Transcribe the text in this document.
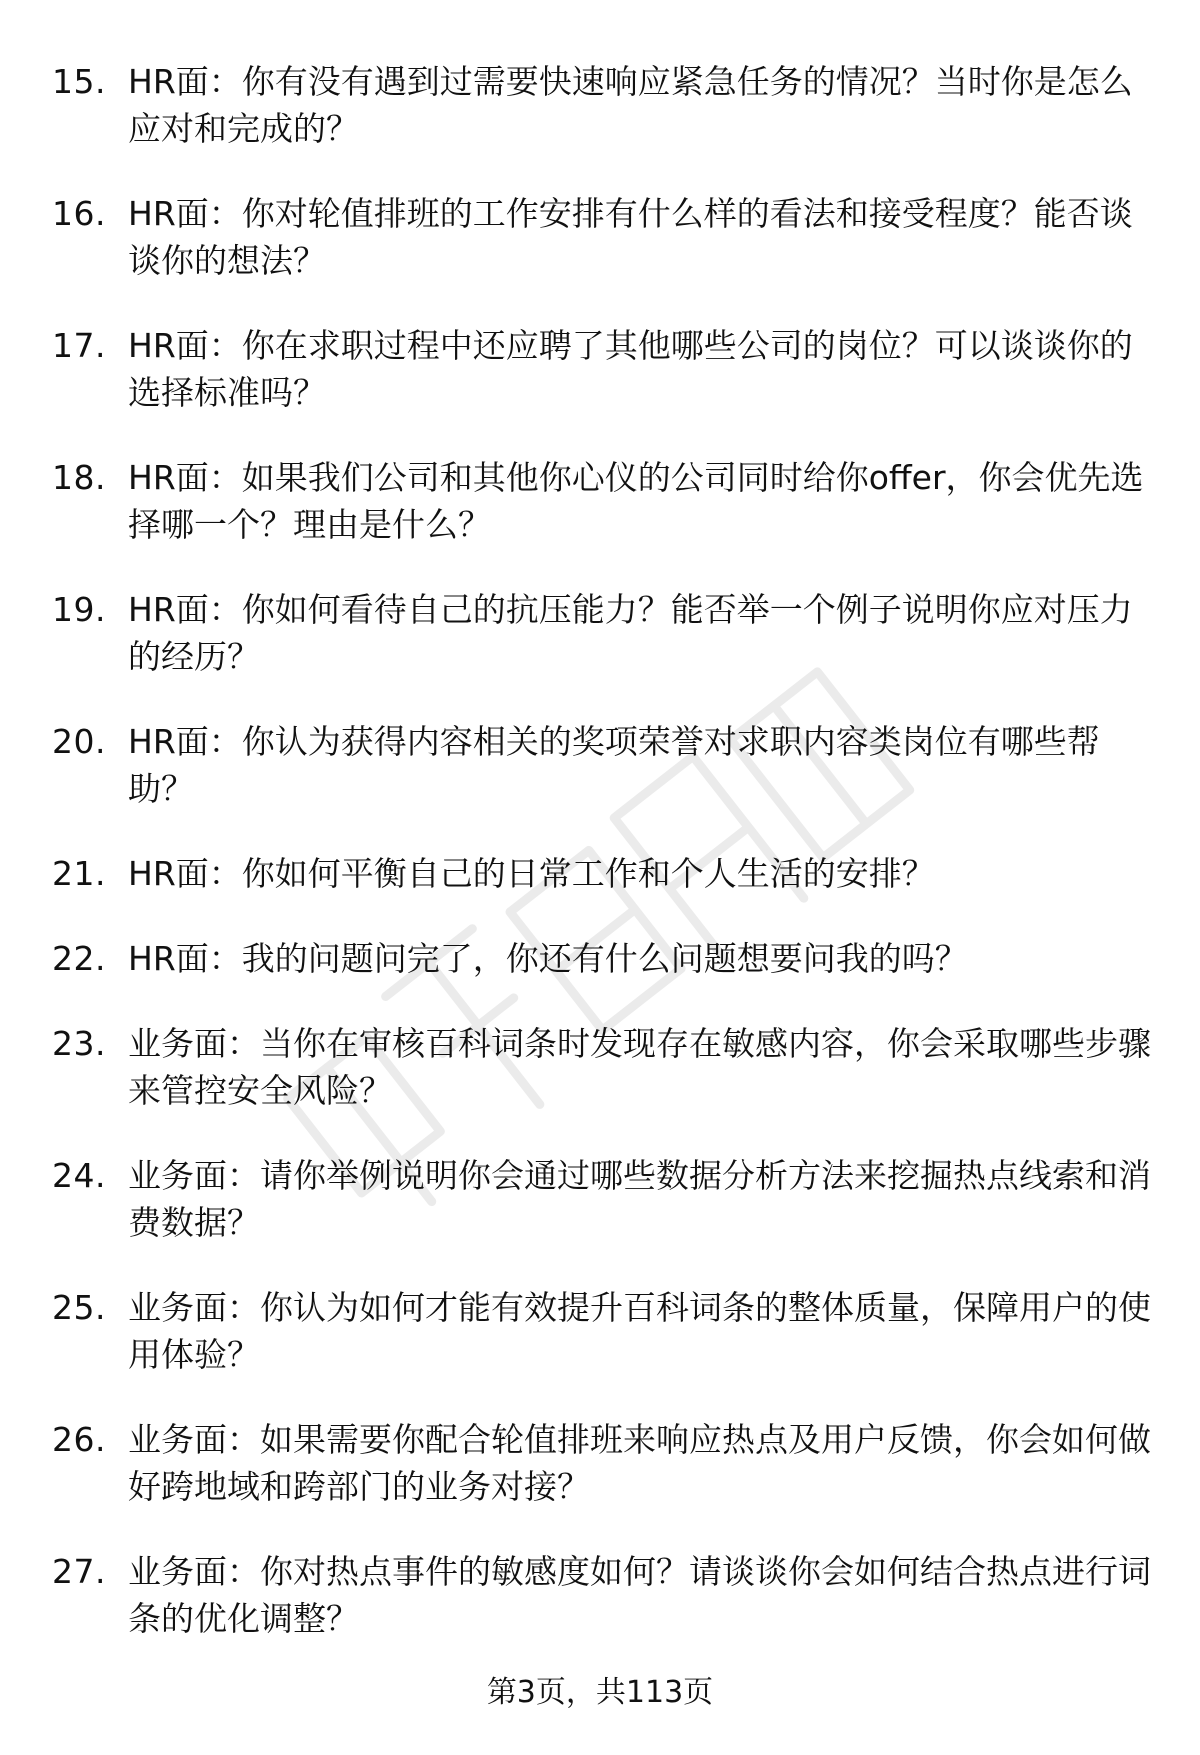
15. HR面：你有没有遇到过需要快速响应紧急任务的情况？当时你是怎么应对和完成的？
16. HR面：你对轮值排班的工作安排有什么样的看法和接受程度？能否谈谈你的想法？
17. HR面：你在求职过程中还应聘了其他哪些公司的岗位？可以谈谈你的选择标准吗？
18. HR面：如果我们公司和其他你心仪的公司同时给你offer，你会优先选择哪一个？理由是什么？
19. HR面：你如何看待自己的抗压能力？能否举一个例子说明你应对压力的经历？
20. HR面：你认为获得内容相关的奖项荣誉对求职内容类岗位有哪些帮助？
21. HR面：你如何平衡自己的日常工作和个人生活的安排？
22. HR面：我的问题问完了，你还有什么问题想要问我的吗？
23. 业务面：当你在审核百科词条时发现存在敏感内容，你会采取哪些步骤来管控安全风险？
24. 业务面：请你举例说明你会通过哪些数据分析方法来挖掘热点线索和消费数据？
25. 业务面：你认为如何才能有效提升百科词条的整体质量，保障用户的使用体验？
26. 业务面：如果需要你配合轮值排班来响应热点及用户反馈，你会如何做好跨地域和跨部门的业务对接？
27. 业务面：你对热点事件的敏感度如何？请谈谈你会如何结合热点进行词条的优化调整？
第3页，共113页
